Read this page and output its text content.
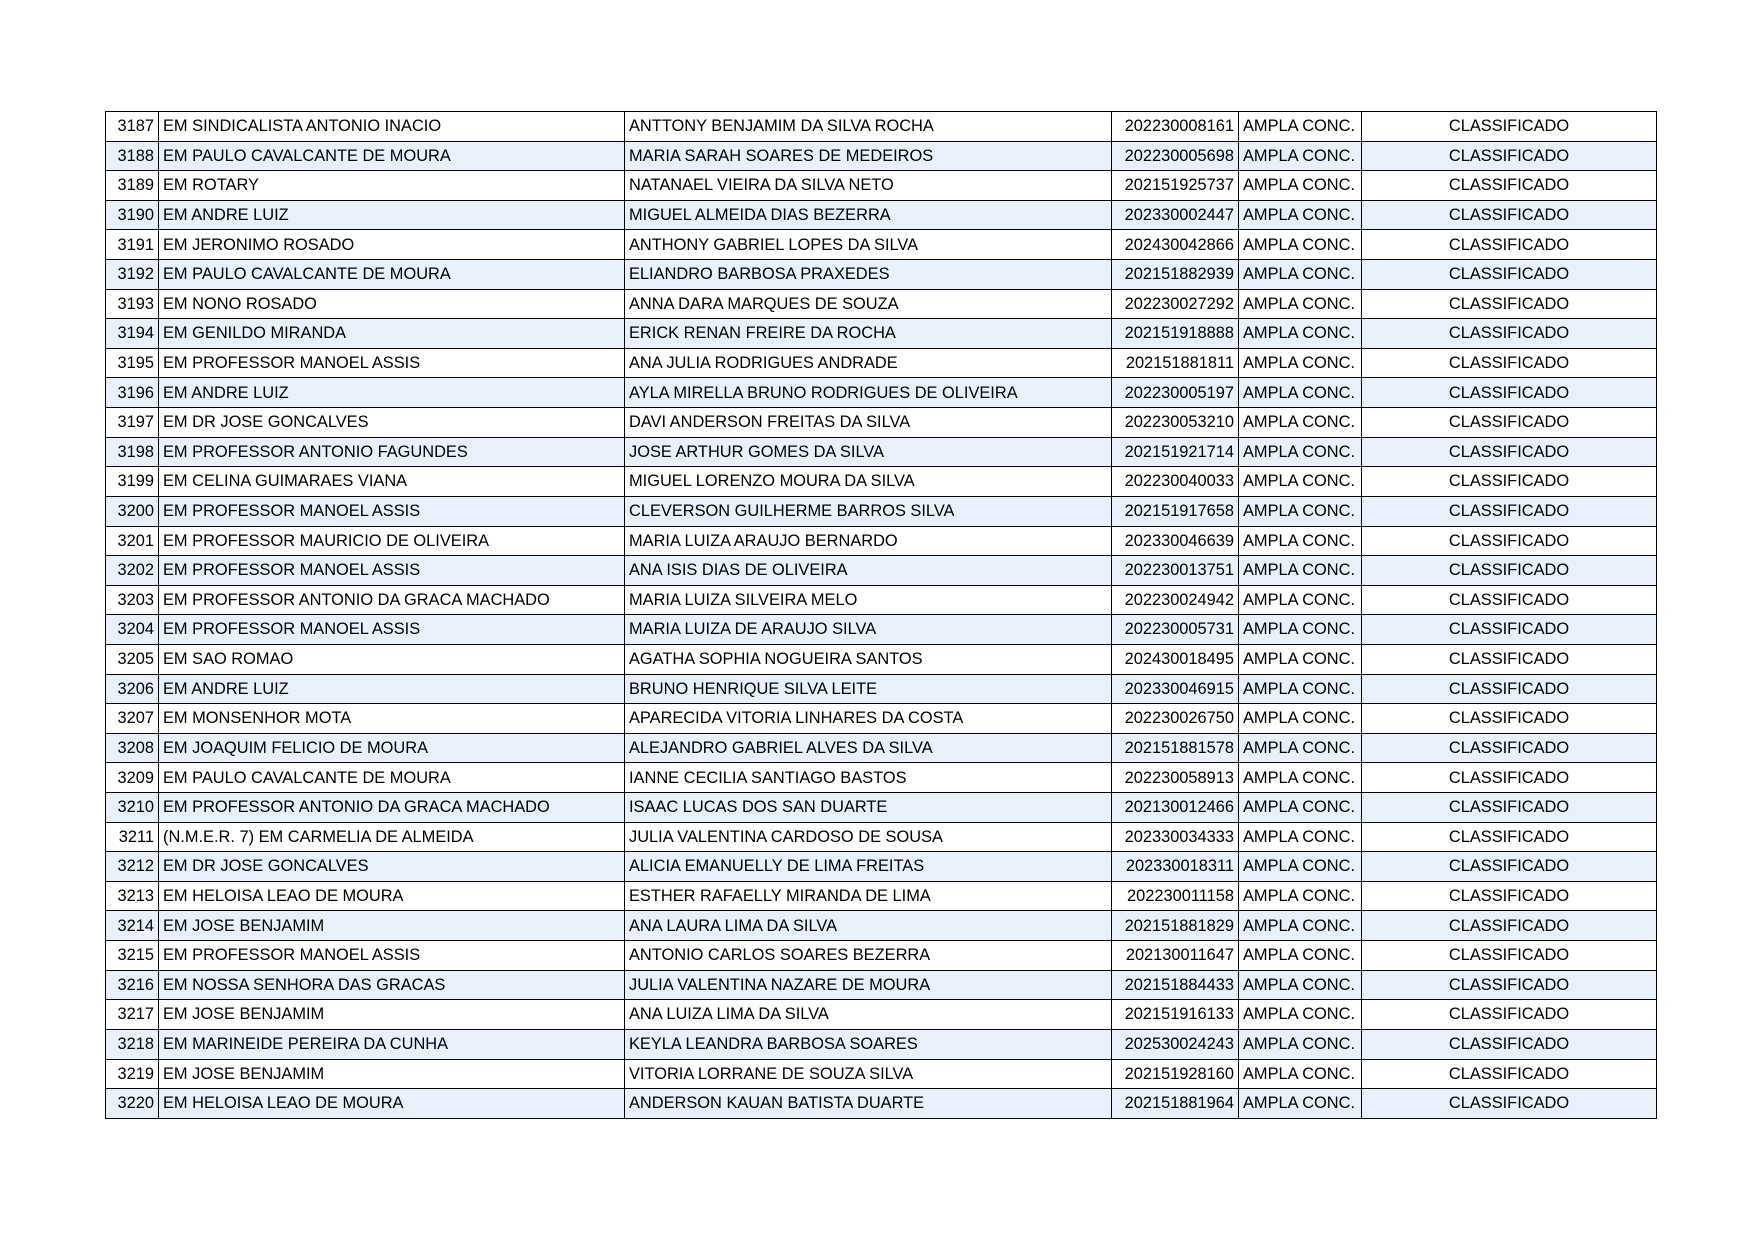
3187	EM SINDICALISTA ANTONIO INACIO	ANTTONY BENJAMIM DA SILVA ROCHA	202230008161	AMPLA CONC.	CLASSIFICADO
3188	EM PAULO CAVALCANTE DE MOURA	MARIA SARAH SOARES DE MEDEIROS	202230005698	AMPLA CONC.	CLASSIFICADO
3189	EM ROTARY	NATANAEL VIEIRA DA SILVA NETO	202151925737	AMPLA CONC.	CLASSIFICADO
3190	EM ANDRE LUIZ	MIGUEL ALMEIDA DIAS BEZERRA	202330002447	AMPLA CONC.	CLASSIFICADO
3191	EM JERONIMO ROSADO	ANTHONY GABRIEL LOPES DA SILVA	202430042866	AMPLA CONC.	CLASSIFICADO
3192	EM PAULO CAVALCANTE DE MOURA	ELIANDRO BARBOSA PRAXEDES	202151882939	AMPLA CONC.	CLASSIFICADO
3193	EM NONO ROSADO	ANNA DARA MARQUES DE SOUZA	202230027292	AMPLA CONC.	CLASSIFICADO
3194	EM GENILDO MIRANDA	ERICK RENAN FREIRE DA ROCHA	202151918888	AMPLA CONC.	CLASSIFICADO
3195	EM PROFESSOR MANOEL ASSIS	ANA JULIA RODRIGUES ANDRADE	202151881811	AMPLA CONC.	CLASSIFICADO
3196	EM ANDRE LUIZ	AYLA MIRELLA BRUNO RODRIGUES DE OLIVEIRA	202230005197	AMPLA CONC.	CLASSIFICADO
3197	EM DR JOSE GONCALVES	DAVI ANDERSON FREITAS DA SILVA	202230053210	AMPLA CONC.	CLASSIFICADO
3198	EM PROFESSOR ANTONIO FAGUNDES	JOSE ARTHUR GOMES DA SILVA	202151921714	AMPLA CONC.	CLASSIFICADO
3199	EM CELINA GUIMARAES VIANA	MIGUEL LORENZO MOURA DA SILVA	202230040033	AMPLA CONC.	CLASSIFICADO
3200	EM PROFESSOR MANOEL ASSIS	CLEVERSON GUILHERME BARROS SILVA	202151917658	AMPLA CONC.	CLASSIFICADO
3201	EM PROFESSOR MAURICIO DE OLIVEIRA	MARIA LUIZA ARAUJO BERNARDO	202330046639	AMPLA CONC.	CLASSIFICADO
3202	EM PROFESSOR MANOEL ASSIS	ANA ISIS DIAS DE OLIVEIRA	202230013751	AMPLA CONC.	CLASSIFICADO
3203	EM PROFESSOR ANTONIO DA GRACA MACHADO	MARIA LUIZA SILVEIRA MELO	202230024942	AMPLA CONC.	CLASSIFICADO
3204	EM PROFESSOR MANOEL ASSIS	MARIA LUIZA DE ARAUJO SILVA	202230005731	AMPLA CONC.	CLASSIFICADO
3205	EM SAO ROMAO	AGATHA SOPHIA NOGUEIRA SANTOS	202430018495	AMPLA CONC.	CLASSIFICADO
3206	EM ANDRE LUIZ	BRUNO HENRIQUE SILVA LEITE	202330046915	AMPLA CONC.	CLASSIFICADO
3207	EM MONSENHOR MOTA	APARECIDA VITORIA LINHARES DA COSTA	202230026750	AMPLA CONC.	CLASSIFICADO
3208	EM JOAQUIM FELICIO DE MOURA	ALEJANDRO GABRIEL ALVES DA SILVA	202151881578	AMPLA CONC.	CLASSIFICADO
3209	EM PAULO CAVALCANTE DE MOURA	IANNE CECILIA SANTIAGO BASTOS	202230058913	AMPLA CONC.	CLASSIFICADO
3210	EM PROFESSOR ANTONIO DA GRACA MACHADO	ISAAC LUCAS DOS SAN DUARTE	202130012466	AMPLA CONC.	CLASSIFICADO
3211	(N.M.E.R. 7) EM CARMELIA DE ALMEIDA	JULIA VALENTINA CARDOSO DE SOUSA	202330034333	AMPLA CONC.	CLASSIFICADO
3212	EM DR JOSE GONCALVES	ALICIA EMANUELLY DE LIMA FREITAS	202330018311	AMPLA CONC.	CLASSIFICADO
3213	EM HELOISA LEAO DE MOURA	ESTHER RAFAELLY MIRANDA DE LIMA	202230011158	AMPLA CONC.	CLASSIFICADO
3214	EM JOSE BENJAMIM	ANA LAURA LIMA DA SILVA	202151881829	AMPLA CONC.	CLASSIFICADO
3215	EM PROFESSOR MANOEL ASSIS	ANTONIO CARLOS SOARES BEZERRA	202130011647	AMPLA CONC.	CLASSIFICADO
3216	EM NOSSA SENHORA DAS GRACAS	JULIA VALENTINA NAZARE DE MOURA	202151884433	AMPLA CONC.	CLASSIFICADO
3217	EM JOSE BENJAMIM	ANA LUIZA LIMA DA SILVA	202151916133	AMPLA CONC.	CLASSIFICADO
3218	EM MARINEIDE PEREIRA DA CUNHA	KEYLA LEANDRA BARBOSA SOARES	202530024243	AMPLA CONC.	CLASSIFICADO
3219	EM JOSE BENJAMIM	VITORIA LORRANE DE SOUZA SILVA	202151928160	AMPLA CONC.	CLASSIFICADO
3220	EM HELOISA LEAO DE MOURA	ANDERSON KAUAN BATISTA DUARTE	202151881964	AMPLA CONC.	CLASSIFICADO
